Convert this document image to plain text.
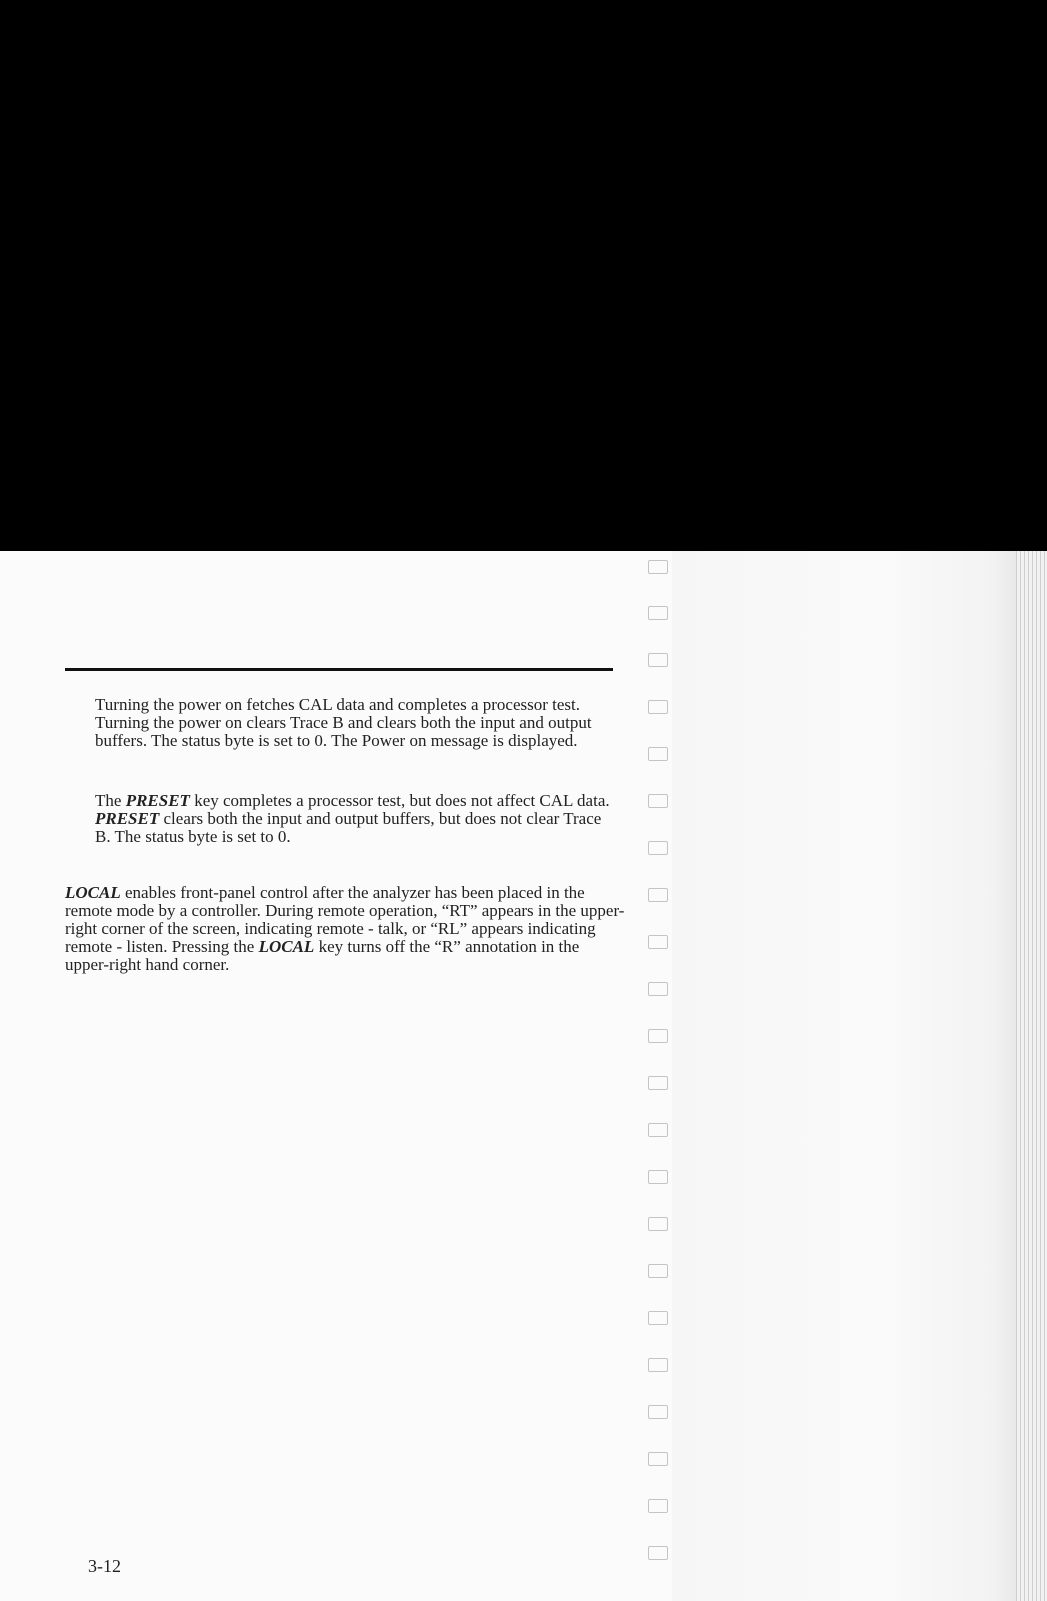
Turning the power on fetches CAL data and completes a processor test. Turning the power on clears Trace B and clears both the input and output buffers. The status byte is set to 0. The Power on message is displayed.

The PRESET key completes a processor test, but does not affect CAL data. PRESET clears both the input and output buffers, but does not clear Trace B. The status byte is set to 0.

LOCAL enables front-panel control after the analyzer has been placed in the remote mode by a controller. During remote operation, “RT” appears in the upper-right corner of the screen, indicating remote - talk, or “RL” appears indicating remote - listen. Pressing the LOCAL key turns off the “R” annotation in the upper-right hand corner.

3-12
